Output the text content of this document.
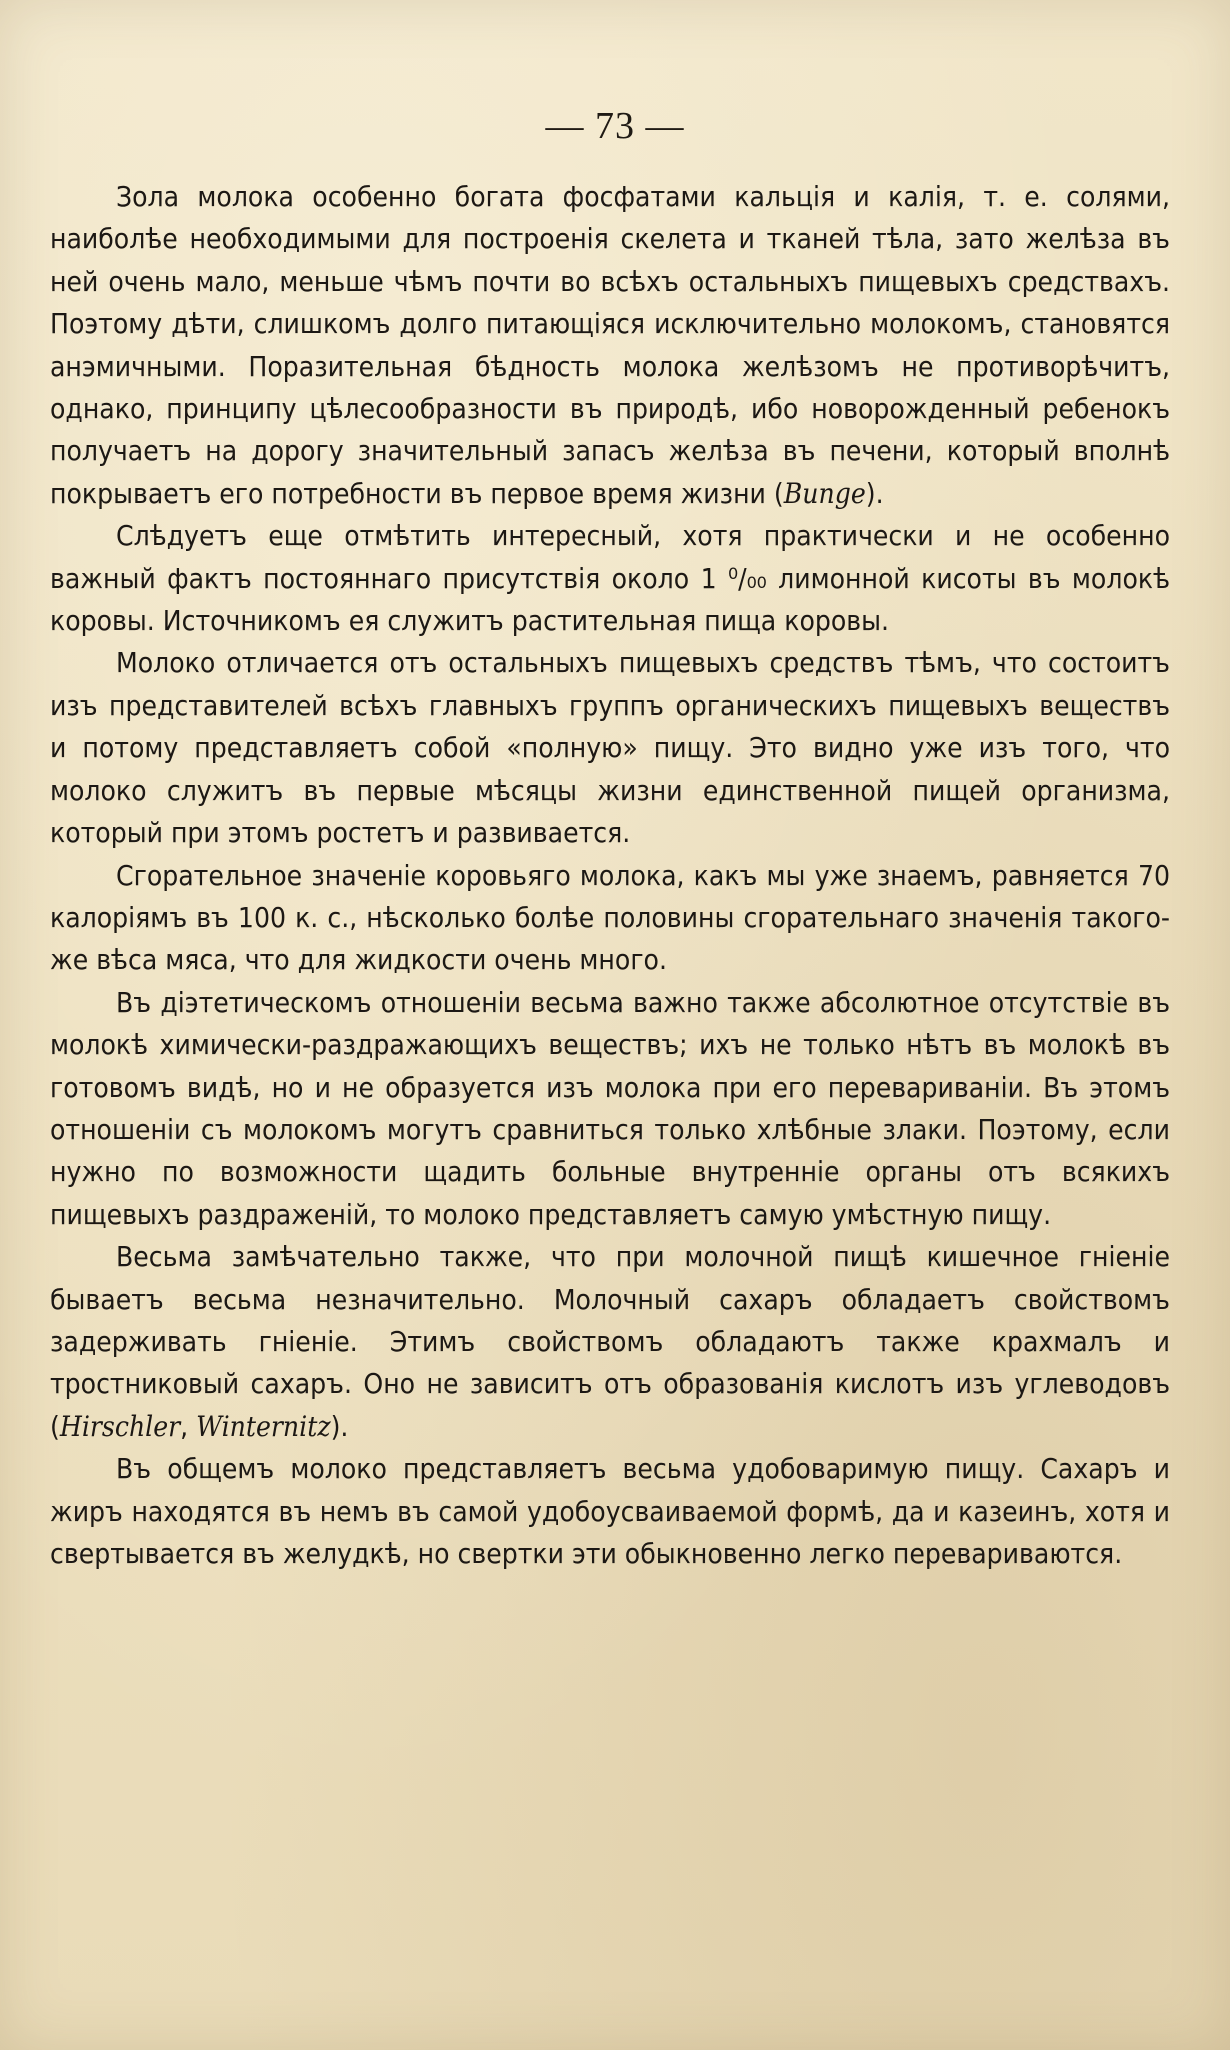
— 73 —

Зола молока особенно богата фосфатами кальція и калія, т. е. солями, наиболѣе необходимыми для построенія скелета и тканей тѣла, зато желѣза въ ней очень мало, меньше чѣмъ почти во всѣхъ остальныхъ пищевыхъ средствахъ. Поэтому дѣти, слишкомъ долго питающіяся исключительно молокомъ, становятся анэмичными. Поразительная бѣдность молока желѣзомъ не противорѣчитъ, однако, принципу цѣлесообразности въ природѣ, ибо новорожденный ребенокъ получаетъ на дорогу значительный запасъ желѣза въ печени, который вполнѣ покрываетъ его потребности въ первое время жизни (Bunge).

Слѣдуетъ еще отмѣтить интересный, хотя практически и не особенно важный фактъ постояннаго присутствія около 1 ⁰/₀₀ лимонной кисоты въ молокѣ коровы. Источникомъ ея служитъ растительная пища коровы.

Молоко отличается отъ остальныхъ пищевыхъ средствъ тѣмъ, что состоитъ изъ представителей всѣхъ главныхъ группъ органическихъ пищевыхъ веществъ и потому представляетъ собой «полную» пищу. Это видно уже изъ того, что молоко служитъ въ первые мѣсяцы жизни единственной пищей организма, который при этомъ ростетъ и развивается.

Сгорательное значеніе коровьяго молока, какъ мы уже знаемъ, равняется 70 калоріямъ въ 100 к. с., нѣсколько болѣе половины сгорательнаго значенія такого-же вѣса мяса, что для жидкости очень много.

Въ діэтетическомъ отношеніи весьма важно также абсолютное отсутствіе въ молокѣ химически-раздражающихъ веществъ; ихъ не только нѣтъ въ молокѣ въ готовомъ видѣ, но и не образуется изъ молока при его перевариваніи. Въ этомъ отношеніи съ молокомъ могутъ сравниться только хлѣбные злаки. Поэтому, если нужно по возможности щадить больные внутренніе органы отъ всякихъ пищевыхъ раздраженій, то молоко представляетъ самую умѣстную пищу.

Весьма замѣчательно также, что при молочной пищѣ кишечное гніеніе бываетъ весьма незначительно. Молочный сахаръ обладаетъ свойствомъ задерживать гніеніе. Этимъ свойствомъ обладаютъ также крахмалъ и тростниковый сахаръ. Оно не зависитъ отъ образованія кислотъ изъ углеводовъ (Hirschler, Winternitz).

Въ общемъ молоко представляетъ весьма удобоваримую пищу. Сахаръ и жиръ находятся въ немъ въ самой удобоусваиваемой формѣ, да и казеинъ, хотя и свертывается въ желудкѣ, но свертки эти обыкновенно легко перевариваются.
